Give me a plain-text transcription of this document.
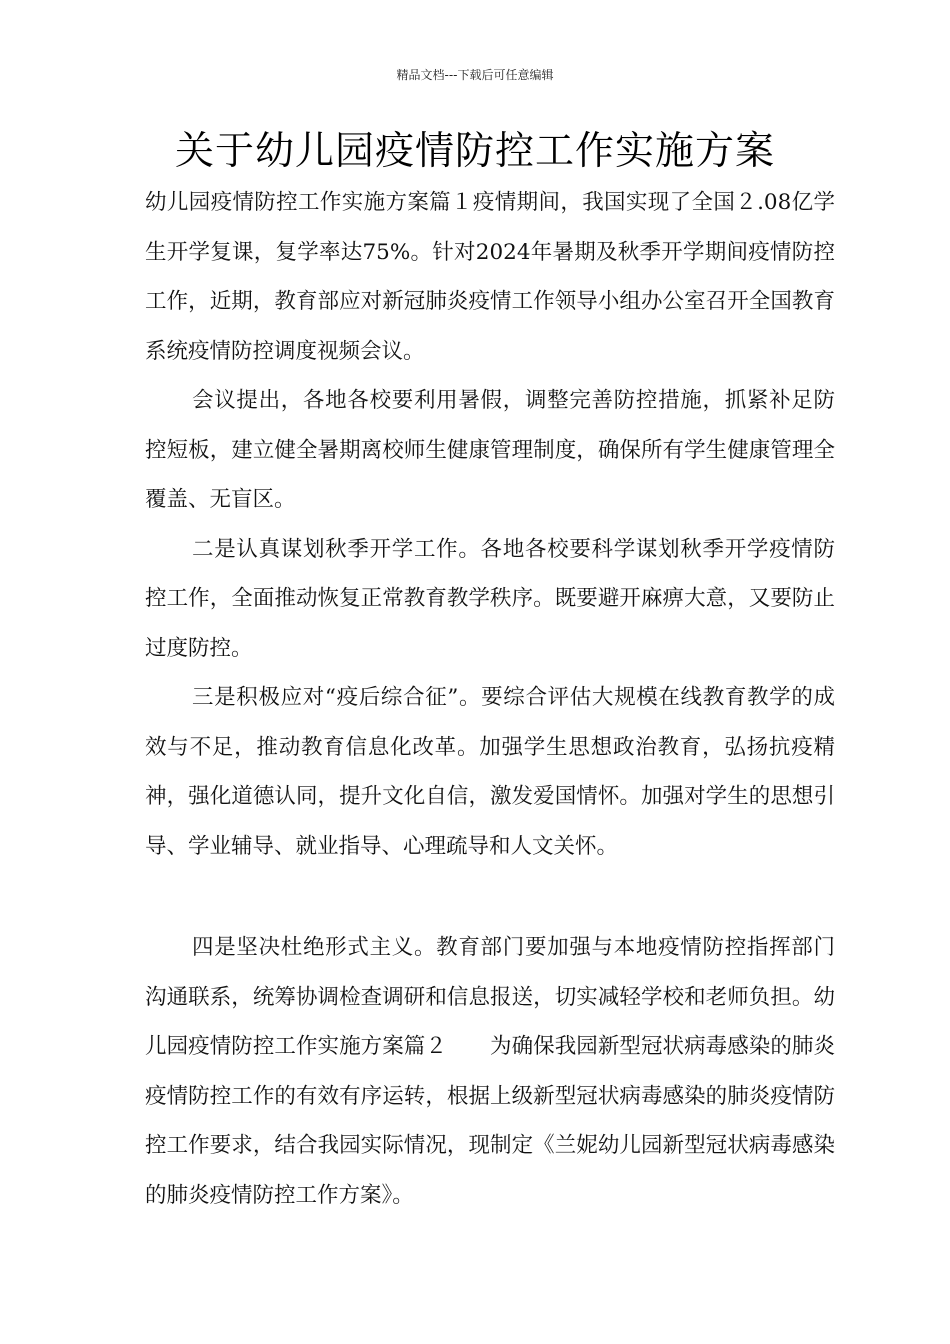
精品文档---下载后可任意编辑
关于幼儿园疫情防控工作实施方案

幼儿园疫情防控工作实施方案篇１疫情期间，我国实现了全国２.08亿学生开学复课，复学率达75%。针对2024年暑期及秋季开学期间疫情防控工作，近期，教育部应对新冠肺炎疫情工作领导小组办公室召开全国教育系统疫情防控调度视频会议。

会议提出，各地各校要利用暑假，调整完善防控措施，抓紧补足防控短板，建立健全暑期离校师生健康管理制度，确保所有学生健康管理全覆盖、无盲区。

二是认真谋划秋季开学工作。各地各校要科学谋划秋季开学疫情防控工作，全面推动恢复正常教育教学秩序。既要避开麻痹大意，又要防止过度防控。

三是积极应对“疫后综合征”。要综合评估大规模在线教育教学的成效与不足，推动教育信息化改革。加强学生思想政治教育，弘扬抗疫精神，强化道德认同，提升文化自信，激发爱国情怀。加强对学生的思想引导、学业辅导、就业指导、心理疏导和人文关怀。

四是坚决杜绝形式主义。教育部门要加强与本地疫情防控指挥部门沟通联系，统筹协调检查调研和信息报送，切实减轻学校和老师负担。幼儿园疫情防控工作实施方案篇２　　为确保我园新型冠状病毒感染的肺炎疫情防控工作的有效有序运转，根据上级新型冠状病毒感染的肺炎疫情防控工作要求，结合我园实际情况，现制定《兰妮幼儿园新型冠状病毒感染的肺炎疫情防控工作方案》。
